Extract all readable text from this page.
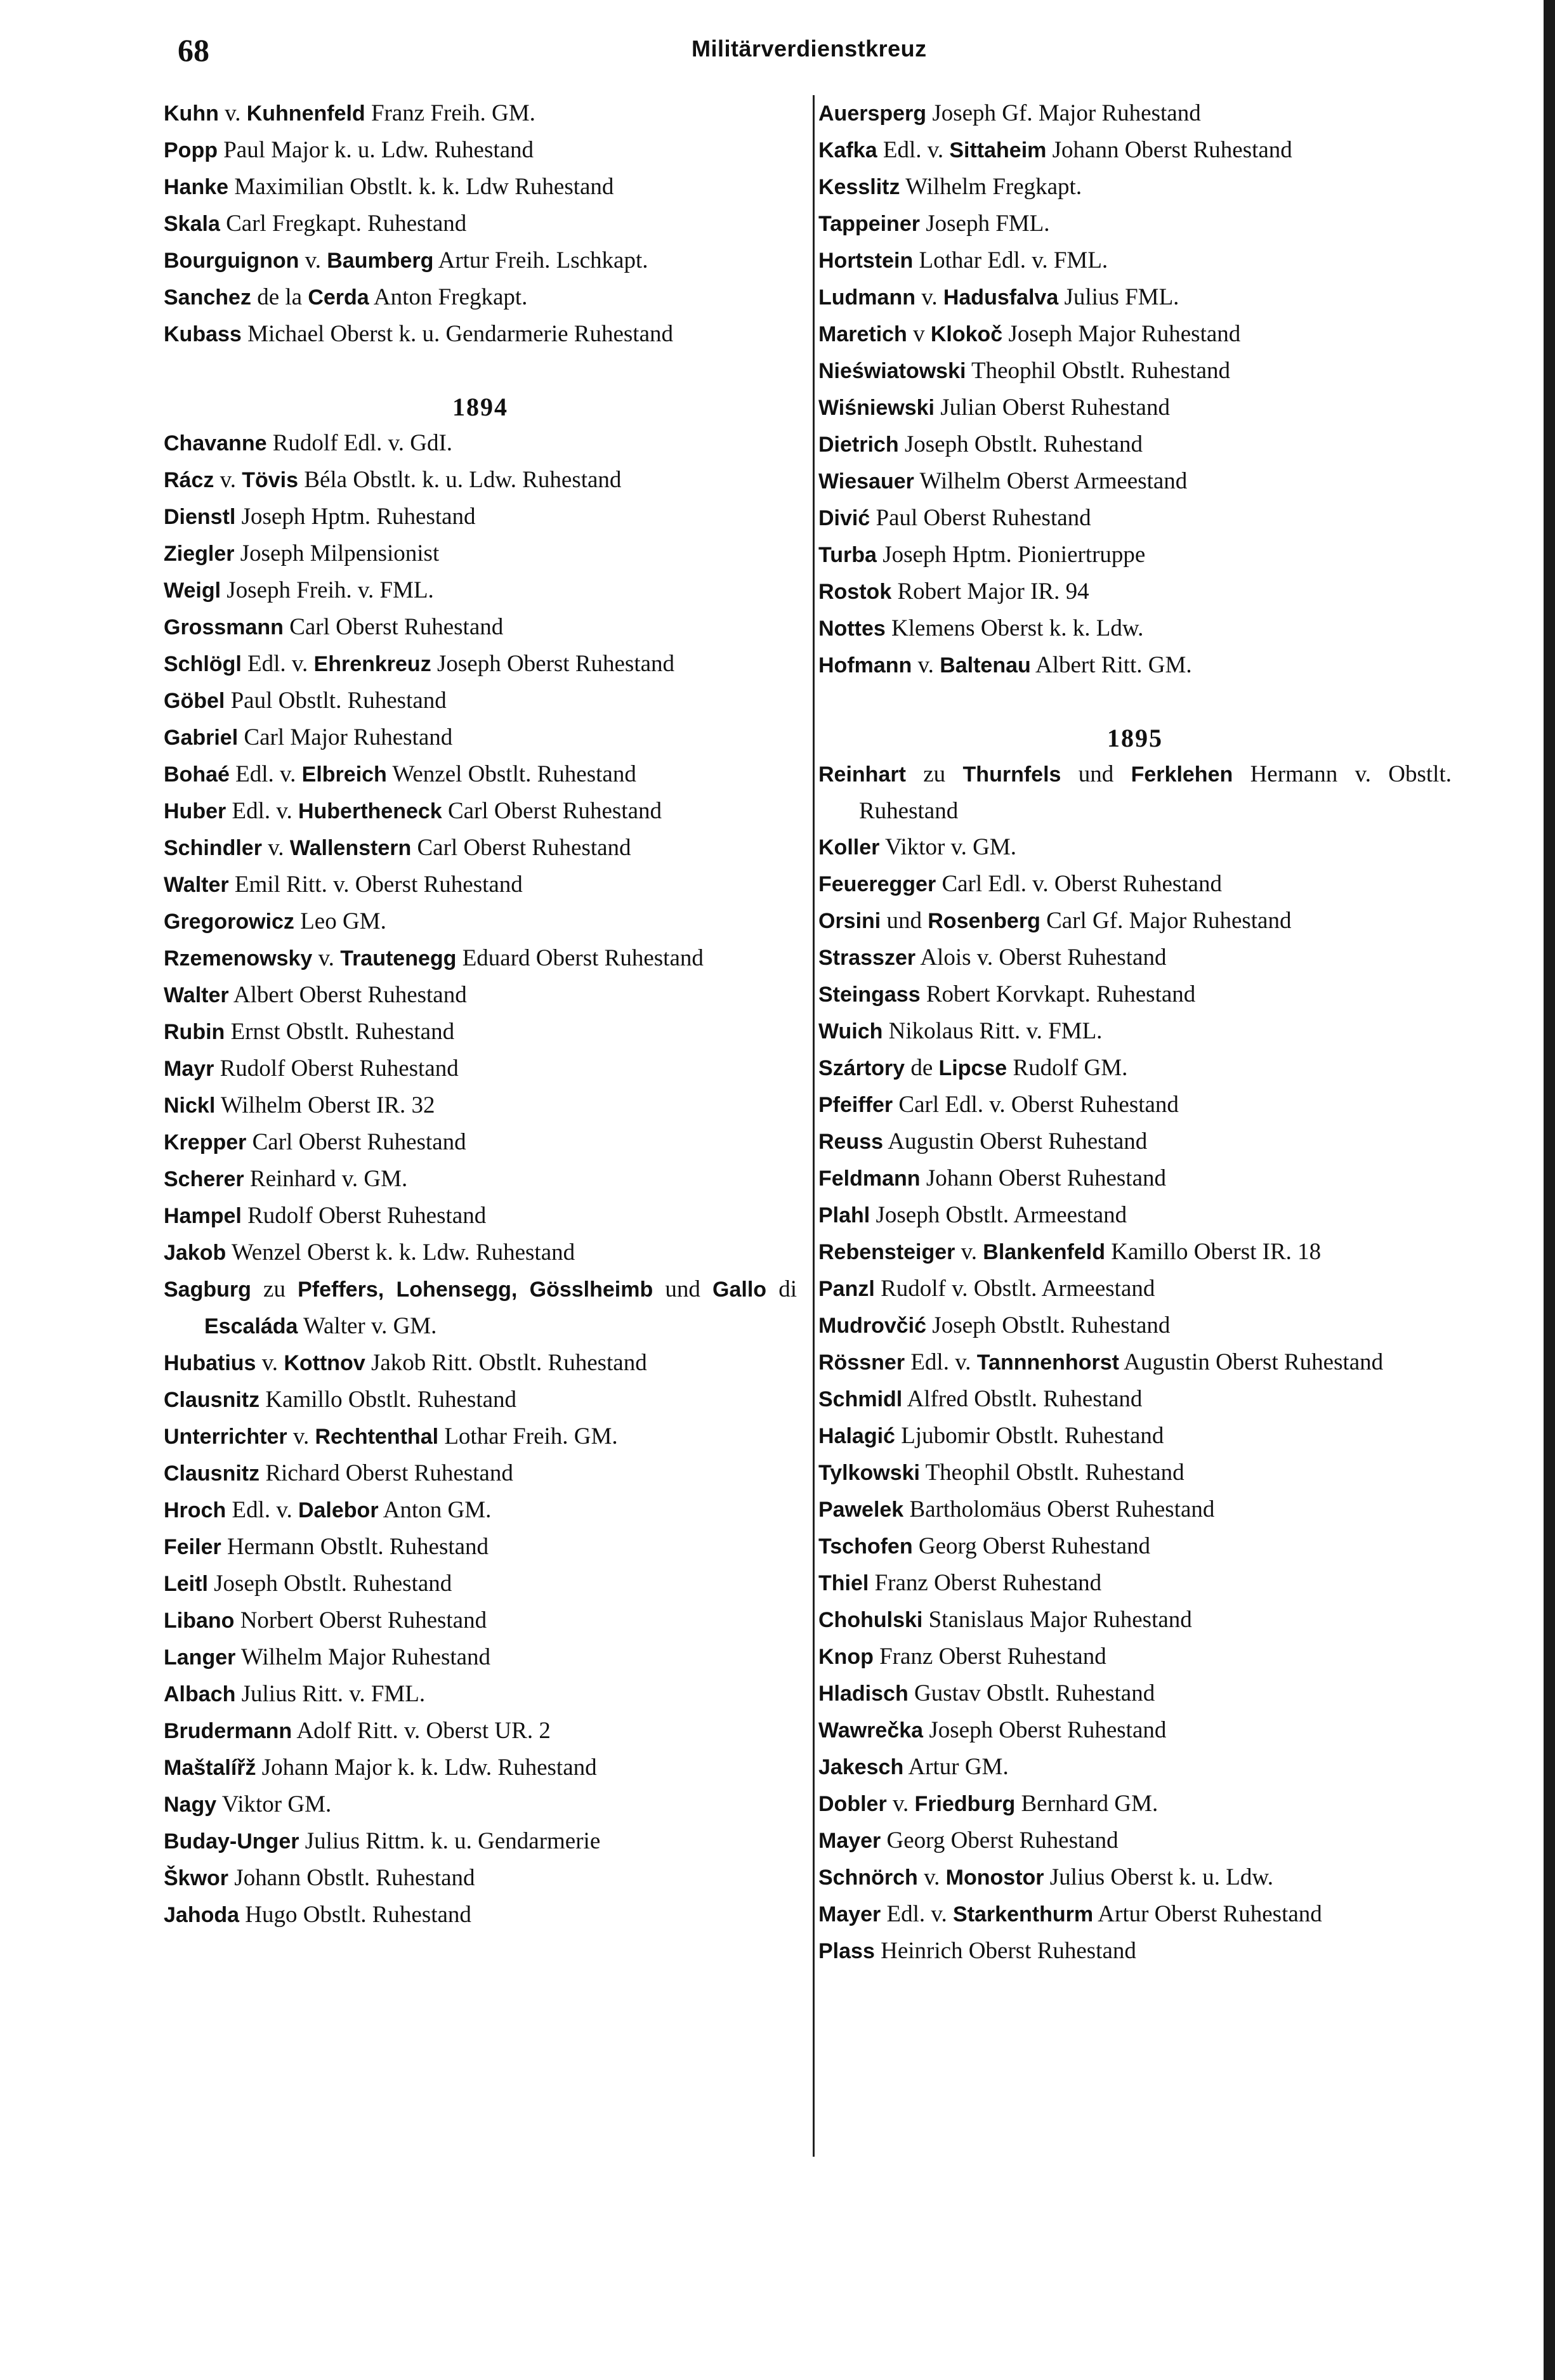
68	Militärverdienstkreuz
Kuhn v. Kuhnenfeld Franz Freih. GM.
Popp Paul Major k. u. Ldw. Ruhestand
Hanke Maximilian Obstlt. k. k. Ldw Ruhestand
Skala Carl Fregkapt. Ruhestand
Bourguignon v. Baumberg Artur Freih. Lschkapt.
Sanchez de la Cerda Anton Fregkapt.
Kubass Michael Oberst k. u. Gendarmerie Ruhestand
1894
Chavanne Rudolf Edl. v. GdI.
Rácz v. Tövis Béla Obstlt. k. u. Ldw. Ruhestand
Dienstl Joseph Hptm. Ruhestand
Ziegler Joseph Milpensionist
Weigl Joseph Freih. v. FML.
Grossmann Carl Oberst Ruhestand
Schlögl Edl. v. Ehrenkreuz Joseph Oberst Ruhestand
Göbel Paul Obstlt. Ruhestand
Gabriel Carl Major Ruhestand
Bohaé Edl. v. Elbreich Wenzel Obstlt. Ruhestand
Huber Edl. v. Hubertheneck Carl Oberst Ruhestand
Schindler v. Wallenstern Carl Oberst Ruhestand
Walter Emil Ritt. v. Oberst Ruhestand
Gregorowicz Leo GM.
Rzemenowsky v. Trautenegg Eduard Oberst Ruhestand
Walter Albert Oberst Ruhestand
Rubin Ernst Obstlt. Ruhestand
Mayr Rudolf Oberst Ruhestand
Nickl Wilhelm Oberst IR. 32
Krepper Carl Oberst Ruhestand
Scherer Reinhard v. GM.
Hampel Rudolf Oberst Ruhestand
Jakob Wenzel Oberst k. k. Ldw. Ruhestand
Sagburg zu Pfeffers, Lohensegg, Gösslheimb und Gallo di Escaláda Walter v. GM.
Hubatius v. Kottnov Jakob Ritt. Obstlt. Ruhestand
Clausnitz Kamillo Obstlt. Ruhestand
Unterrichter v. Rechtenthal Lothar Freih. GM.
Clausnitz Richard Oberst Ruhestand
Hroch Edl. v. Dalebor Anton GM.
Feiler Hermann Obstlt. Ruhestand
Leitl Joseph Obstlt. Ruhestand
Libano Norbert Oberst Ruhestand
Langer Wilhelm Major Ruhestand
Albach Julius Ritt. v. FML.
Brudermann Adolf Ritt. v. Oberst UR. 2
Maštalířž Johann Major k. k. Ldw. Ruhestand
Nagy Viktor GM.
Buday-Unger Julius Rittm. k. u. Gendarmerie
Škwor Johann Obstlt. Ruhestand
Jahoda Hugo Obstlt. Ruhestand
Auersperg Joseph Gf. Major Ruhestand
Kafka Edl. v. Sittaheim Johann Oberst Ruhestand
Kesslitz Wilhelm Fregkapt.
Tappeiner Joseph FML.
Hortstein Lothar Edl. v. FML.
Ludmann v. Hadusfalva Julius FML.
Maretich v Klokoč Joseph Major Ruhestand
Nieświatowski Theophil Obstlt. Ruhestand
Wiśniewski Julian Oberst Ruhestand
Dietrich Joseph Obstlt. Ruhestand
Wiesauer Wilhelm Oberst Armeestand
Divić Paul Oberst Ruhestand
Turba Joseph Hptm. Pioniertruppe
Rostok Robert Major IR. 94
Nottes Klemens Oberst k. k. Ldw.
Hofmann v. Baltenau Albert Ritt. GM.
1895
Reinhart zu Thurnfels und Ferklehen Hermann v. Obstlt. Ruhestand
Koller Viktor v. GM.
Feueregger Carl Edl. v. Oberst Ruhestand
Orsini und Rosenberg Carl Gf. Major Ruhestand
Strasszer Alois v. Oberst Ruhestand
Steingass Robert Korvkapt. Ruhestand
Wuich Nikolaus Ritt. v. FML.
Szártory de Lipcse Rudolf GM.
Pfeiffer Carl Edl. v. Oberst Ruhestand
Reuss Augustin Oberst Ruhestand
Feldmann Johann Oberst Ruhestand
Plahl Joseph Obstlt. Armeestand
Rebensteiger v. Blankenfeld Kamillo Oberst IR. 18
Panzl Rudolf v. Obstlt. Armeestand
Mudrovčić Joseph Obstlt. Ruhestand
Rössner Edl. v. Tannnenhorst Augustin Oberst Ruhestand
Schmidl Alfred Obstlt. Ruhestand
Halagić Ljubomir Obstlt. Ruhestand
Tylkowski Theophil Obstlt. Ruhestand
Pawelek Bartholomäus Oberst Ruhestand
Tschofen Georg Oberst Ruhestand
Thiel Franz Oberst Ruhestand
Chohulski Stanislaus Major Ruhestand
Knop Franz Oberst Ruhestand
Hladisch Gustav Obstlt. Ruhestand
Wawrečka Joseph Oberst Ruhestand
Jakesch Artur GM.
Dobler v. Friedburg Bernhard GM.
Mayer Georg Oberst Ruhestand
Schnörch v. Monostor Julius Oberst k. u. Ldw.
Mayer Edl. v. Starkenthurm Artur Oberst Ruhestand
Plass Heinrich Oberst Ruhestand
